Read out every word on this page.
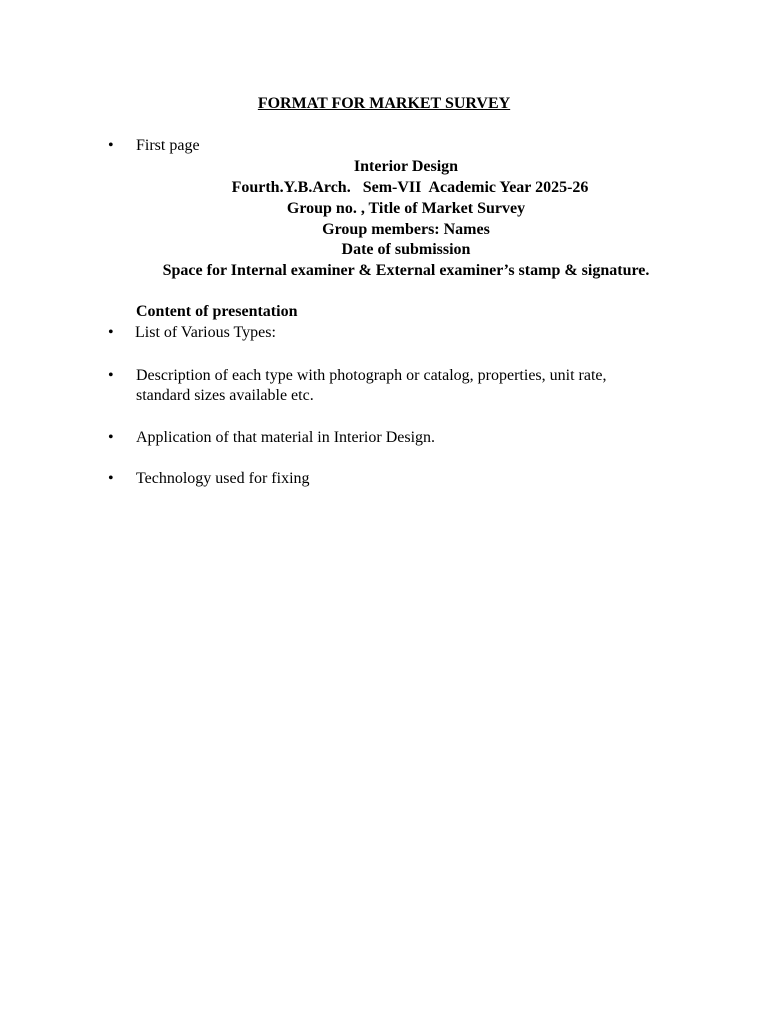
FORMAT FOR MARKET SURVEY
•	First page
Interior Design
Fourth.Y.B.Arch.   Sem-VII  Academic Year 2025-26
Group no. , Title of Market Survey
Group members: Names
Date of submission
Space for Internal examiner & External examiner’s stamp & signature.
Content of presentation
•	List of Various Types:
•	Description of each type with photograph or catalog, properties, unit rate,
standard sizes available etc.
•	Application of that material in Interior Design.
•	Technology used for fixing
